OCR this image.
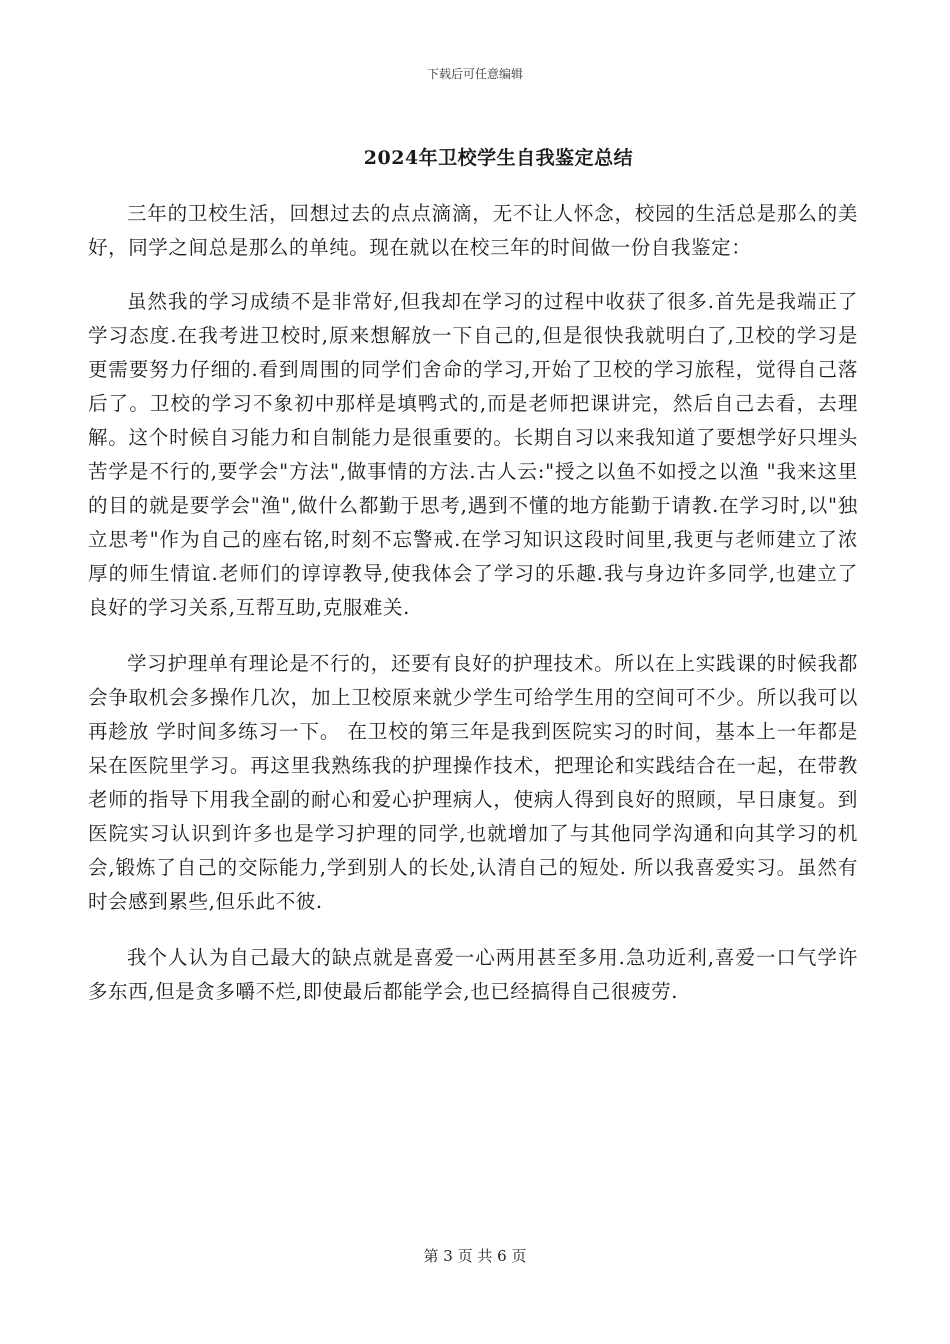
下载后可任意编辑
2024年卫校学生自我鉴定总结

三年的卫校生活，回想过去的点点滴滴，无不让人怀念，校园的生活总是那么的美好，同学之间总是那么的单纯。现在就以在校三年的时间做一份自我鉴定：

虽然我的学习成绩不是非常好,但我却在学习的过程中收获了很多.首先是我端正了学习态度.在我考进卫校时,原来想解放一下自己的,但是很快我就明白了,卫校的学习是更需要努力仔细的.看到周围的同学们舍命的学习,开始了卫校的学习旅程，觉得自己落后了。卫校的学习不象初中那样是填鸭式的,而是老师把课讲完，然后自己去看，去理解。这个时候自习能力和自制能力是很重要的。长期自习以来我知道了要想学好只埋头苦学是不行的,要学会"方法",做事情的方法.古人云:"授之以鱼不如授之以渔 "我来这里的目的就是要学会"渔",做什么都勤于思考,遇到不懂的地方能勤于请教.在学习时,以"独立思考"作为自己的座右铭,时刻不忘警戒.在学习知识这段时间里,我更与老师建立了浓厚的师生情谊.老师们的谆谆教导,使我体会了学习的乐趣.我与身边许多同学,也建立了良好的学习关系,互帮互助,克服难关.

学习护理单有理论是不行的，还要有良好的护理技术。所以在上实践课的时候我都会争取机会多操作几次，加上卫校原来就少学生可给学生用的空间可不少。所以我可以再趁放 学时间多练习一下。 在卫校的第三年是我到医院实习的时间，基本上一年都是呆在医院里学习。再这里我熟练我的护理操作技术，把理论和实践结合在一起，在带教老师的指导下用我全副的耐心和爱心护理病人，使病人得到良好的照顾，早日康复。到医院实习认识到许多也是学习护理的同学,也就增加了与其他同学沟通和向其学习的机会,锻炼了自己的交际能力,学到别人的长处,认清自己的短处. 所以我喜爱实习。虽然有时会感到累些,但乐此不彼.

我个人认为自己最大的缺点就是喜爱一心两用甚至多用.急功近利,喜爱一口气学许多东西,但是贪多嚼不烂,即使最后都能学会,也已经搞得自己很疲劳.

第 3 页 共 6 页
